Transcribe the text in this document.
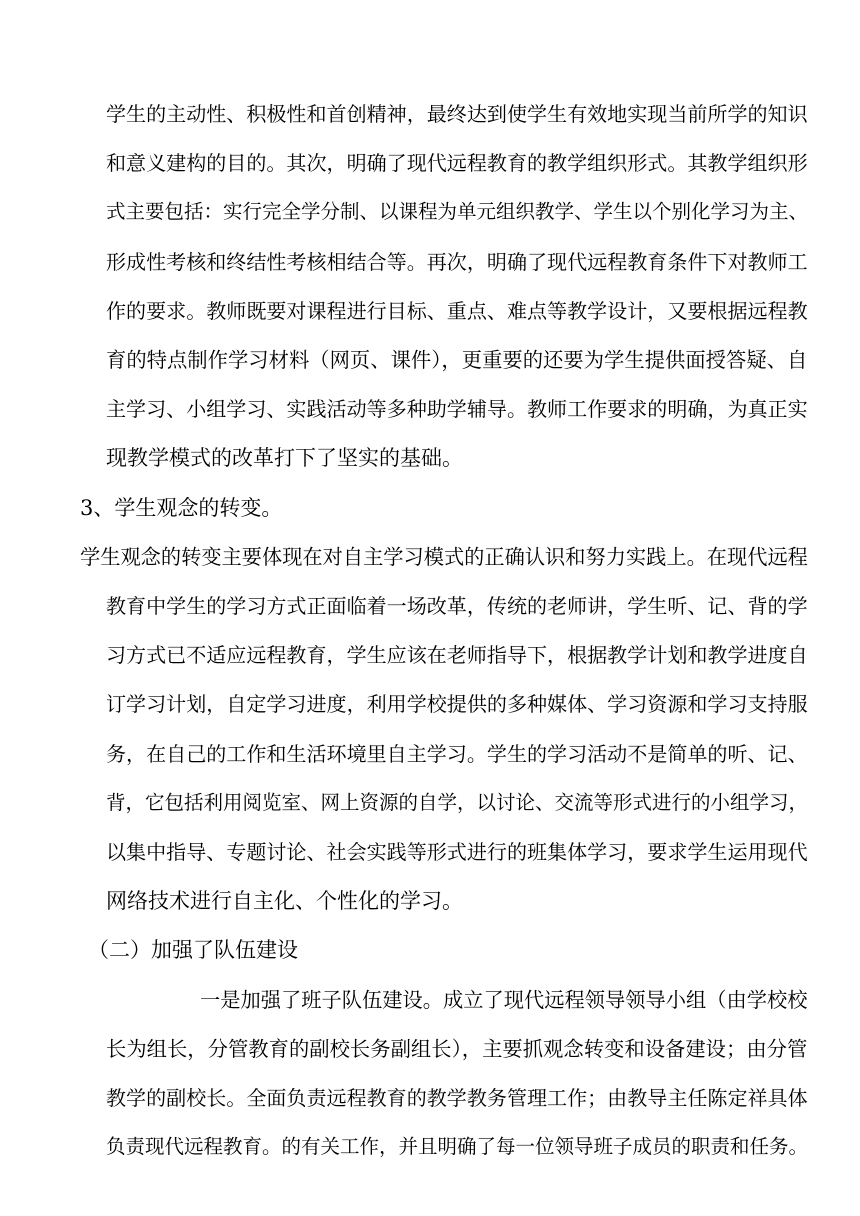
学生的主动性、积极性和首创精神，最终达到使学生有效地实现当前所学的知识
和意义建构的目的。其次，明确了现代远程教育的教学组织形式。其教学组织形
式主要包括：实行完全学分制、以课程为单元组织教学、学生以个别化学习为主、
形成性考核和终结性考核相结合等。再次，明确了现代远程教育条件下对教师工
作的要求。教师既要对课程进行目标、重点、难点等教学设计，又要根据远程教
育的特点制作学习材料（网页、课件），更重要的还要为学生提供面授答疑、自
主学习、小组学习、实践活动等多种助学辅导。教师工作要求的明确，为真正实
现教学模式的改革打下了坚实的基础。
3、学生观念的转变。
学生观念的转变主要体现在对自主学习模式的正确认识和努力实践上。在现代远程
教育中学生的学习方式正面临着一场改革，传统的老师讲，学生听、记、背的学
习方式已不适应远程教育，学生应该在老师指导下，根据教学计划和教学进度自
订学习计划，自定学习进度，利用学校提供的多种媒体、学习资源和学习支持服
务，在自己的工作和生活环境里自主学习。学生的学习活动不是简单的听、记、
背，它包括利用阅览室、网上资源的自学，以讨论、交流等形式进行的小组学习，
以集中指导、专题讨论、社会实践等形式进行的班集体学习，要求学生运用现代
网络技术进行自主化、个性化的学习。
（二）加强了队伍建设
一是加强了班子队伍建设。成立了现代远程领导领导小组（由学校校
长为组长，分管教育的副校长务副组长），主要抓观念转变和设备建设；由分管
教学的副校长。全面负责远程教育的教学教务管理工作；由教导主任陈定祥具体
负责现代远程教育。的有关工作，并且明确了每一位领导班子成员的职责和任务。
